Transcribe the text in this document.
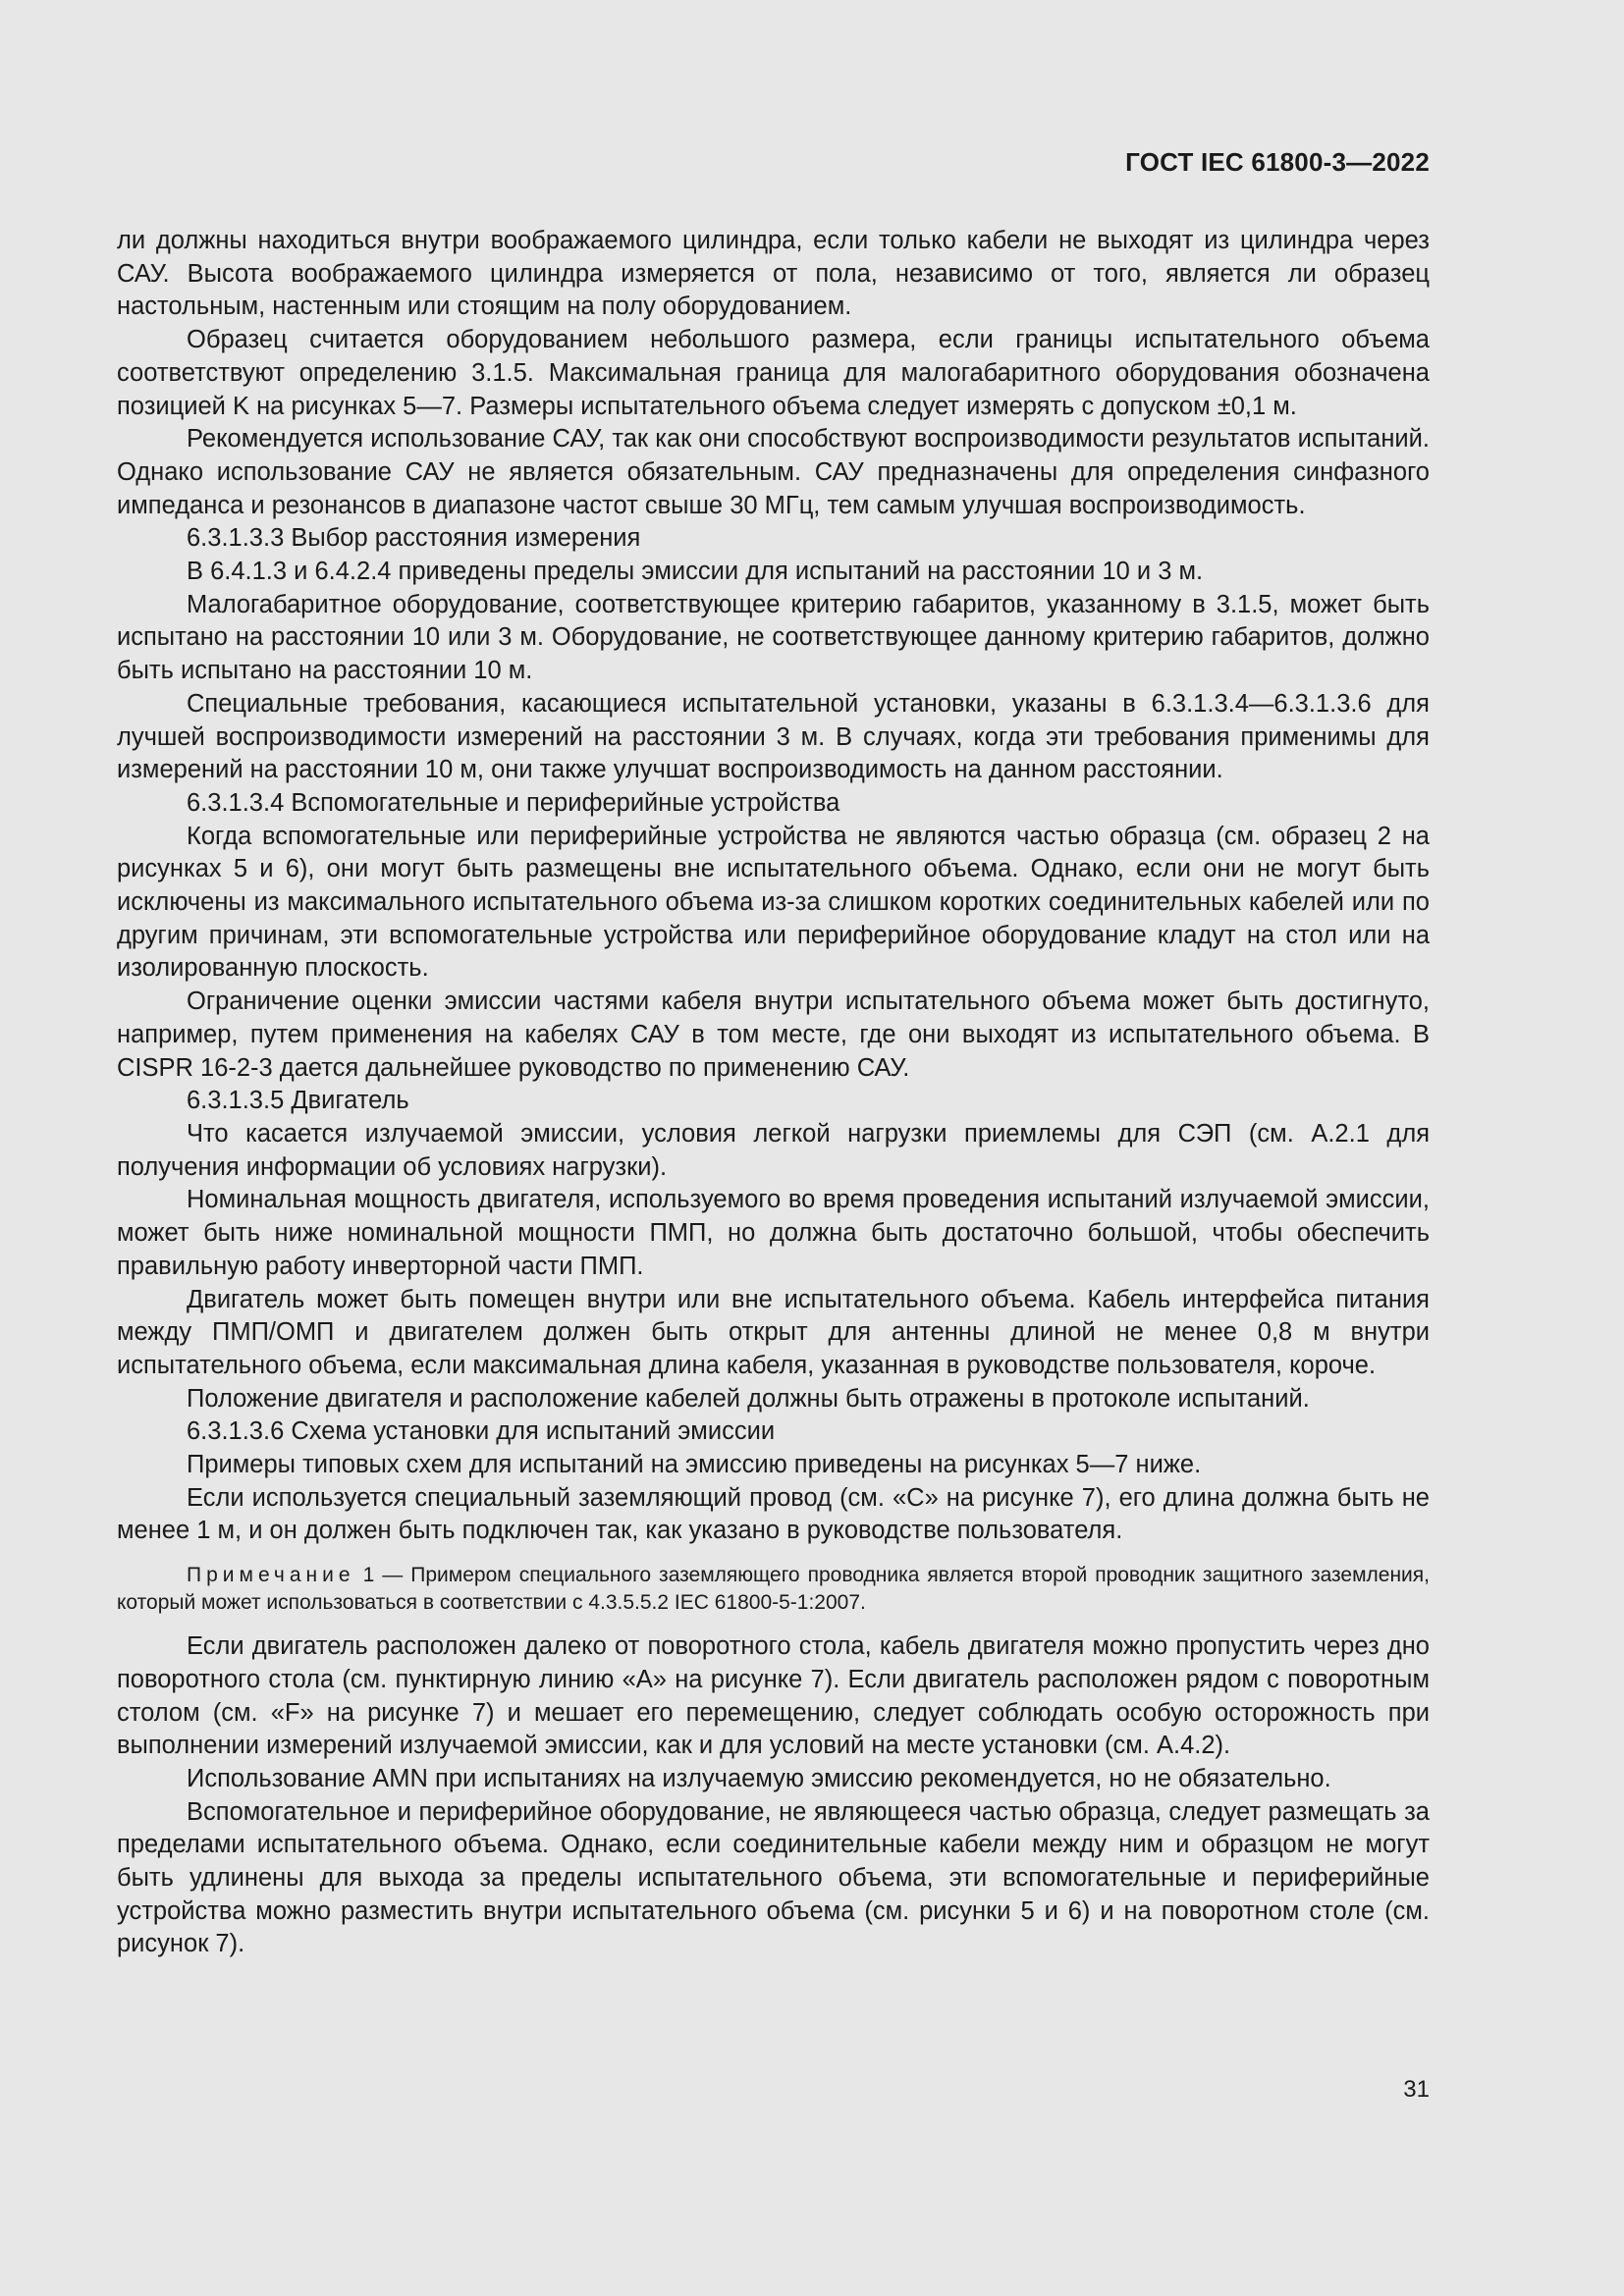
ГОСТ IEC 61800-3—2022

ли должны находиться внутри воображаемого цилиндра, если только кабели не выходят из цилиндра через САУ. Высота воображаемого цилиндра измеряется от пола, независимо от того, является ли образец настольным, настенным или стоящим на полу оборудованием.

Образец считается оборудованием небольшого размера, если границы испытательного объема соответствуют определению 3.1.5. Максимальная граница для малогабаритного оборудования обозначена позицией K на рисунках 5—7. Размеры испытательного объема следует измерять с допуском ±0,1 м.

Рекомендуется использование САУ, так как они способствуют воспроизводимости результатов испытаний. Однако использование САУ не является обязательным. САУ предназначены для определения синфазного импеданса и резонансов в диапазоне частот свыше 30 МГц, тем самым улучшая воспроизводимость.

6.3.1.3.3 Выбор расстояния измерения

В 6.4.1.3 и 6.4.2.4 приведены пределы эмиссии для испытаний на расстоянии 10 и 3 м.

Малогабаритное оборудование, соответствующее критерию габаритов, указанному в 3.1.5, может быть испытано на расстоянии 10 или 3 м. Оборудование, не соответствующее данному критерию габаритов, должно быть испытано на расстоянии 10 м.

Специальные требования, касающиеся испытательной установки, указаны в 6.3.1.3.4—6.3.1.3.6 для лучшей воспроизводимости измерений на расстоянии 3 м. В случаях, когда эти требования применимы для измерений на расстоянии 10 м, они также улучшат воспроизводимость на данном расстоянии.

6.3.1.3.4 Вспомогательные и периферийные устройства

Когда вспомогательные или периферийные устройства не являются частью образца (см. образец 2 на рисунках 5 и 6), они могут быть размещены вне испытательного объема. Однако, если они не могут быть исключены из максимального испытательного объема из-за слишком коротких соединительных кабелей или по другим причинам, эти вспомогательные устройства или периферийное оборудование кладут на стол или на изолированную плоскость.

Ограничение оценки эмиссии частями кабеля внутри испытательного объема может быть достигнуто, например, путем применения на кабелях САУ в том месте, где они выходят из испытательного объема. В CISPR 16-2-3 дается дальнейшее руководство по применению САУ.

6.3.1.3.5 Двигатель

Что касается излучаемой эмиссии, условия легкой нагрузки приемлемы для СЭП (см. А.2.1 для получения информации об условиях нагрузки).

Номинальная мощность двигателя, используемого во время проведения испытаний излучаемой эмиссии, может быть ниже номинальной мощности ПМП, но должна быть достаточно большой, чтобы обеспечить правильную работу инверторной части ПМП.

Двигатель может быть помещен внутри или вне испытательного объема. Кабель интерфейса питания между ПМП/ОМП и двигателем должен быть открыт для антенны длиной не менее 0,8 м внутри испытательного объема, если максимальная длина кабеля, указанная в руководстве пользователя, короче.

Положение двигателя и расположение кабелей должны быть отражены в протоколе испытаний.

6.3.1.3.6 Схема установки для испытаний эмиссии

Примеры типовых схем для испытаний на эмиссию приведены на рисунках 5—7 ниже.

Если используется специальный заземляющий провод (см. «С» на рисунке 7), его длина должна быть не менее 1 м, и он должен быть подключен так, как указано в руководстве пользователя.

Примечание 1 — Примером специального заземляющего проводника является второй проводник защитного заземления, который может использоваться в соответствии с 4.3.5.5.2 IEC 61800-5-1:2007.

Если двигатель расположен далеко от поворотного стола, кабель двигателя можно пропустить через дно поворотного стола (см. пунктирную линию «А» на рисунке 7). Если двигатель расположен рядом с поворотным столом (см. «F» на рисунке 7) и мешает его перемещению, следует соблюдать особую осторожность при выполнении измерений излучаемой эмиссии, как и для условий на месте установки (см. А.4.2).

Использование AMN при испытаниях на излучаемую эмиссию рекомендуется, но не обязательно.

Вспомогательное и периферийное оборудование, не являющееся частью образца, следует размещать за пределами испытательного объема. Однако, если соединительные кабели между ним и образцом не могут быть удлинены для выхода за пределы испытательного объема, эти вспомогательные и периферийные устройства можно разместить внутри испытательного объема (см. рисунки 5 и 6) и на поворотном столе (см. рисунок 7).

31
